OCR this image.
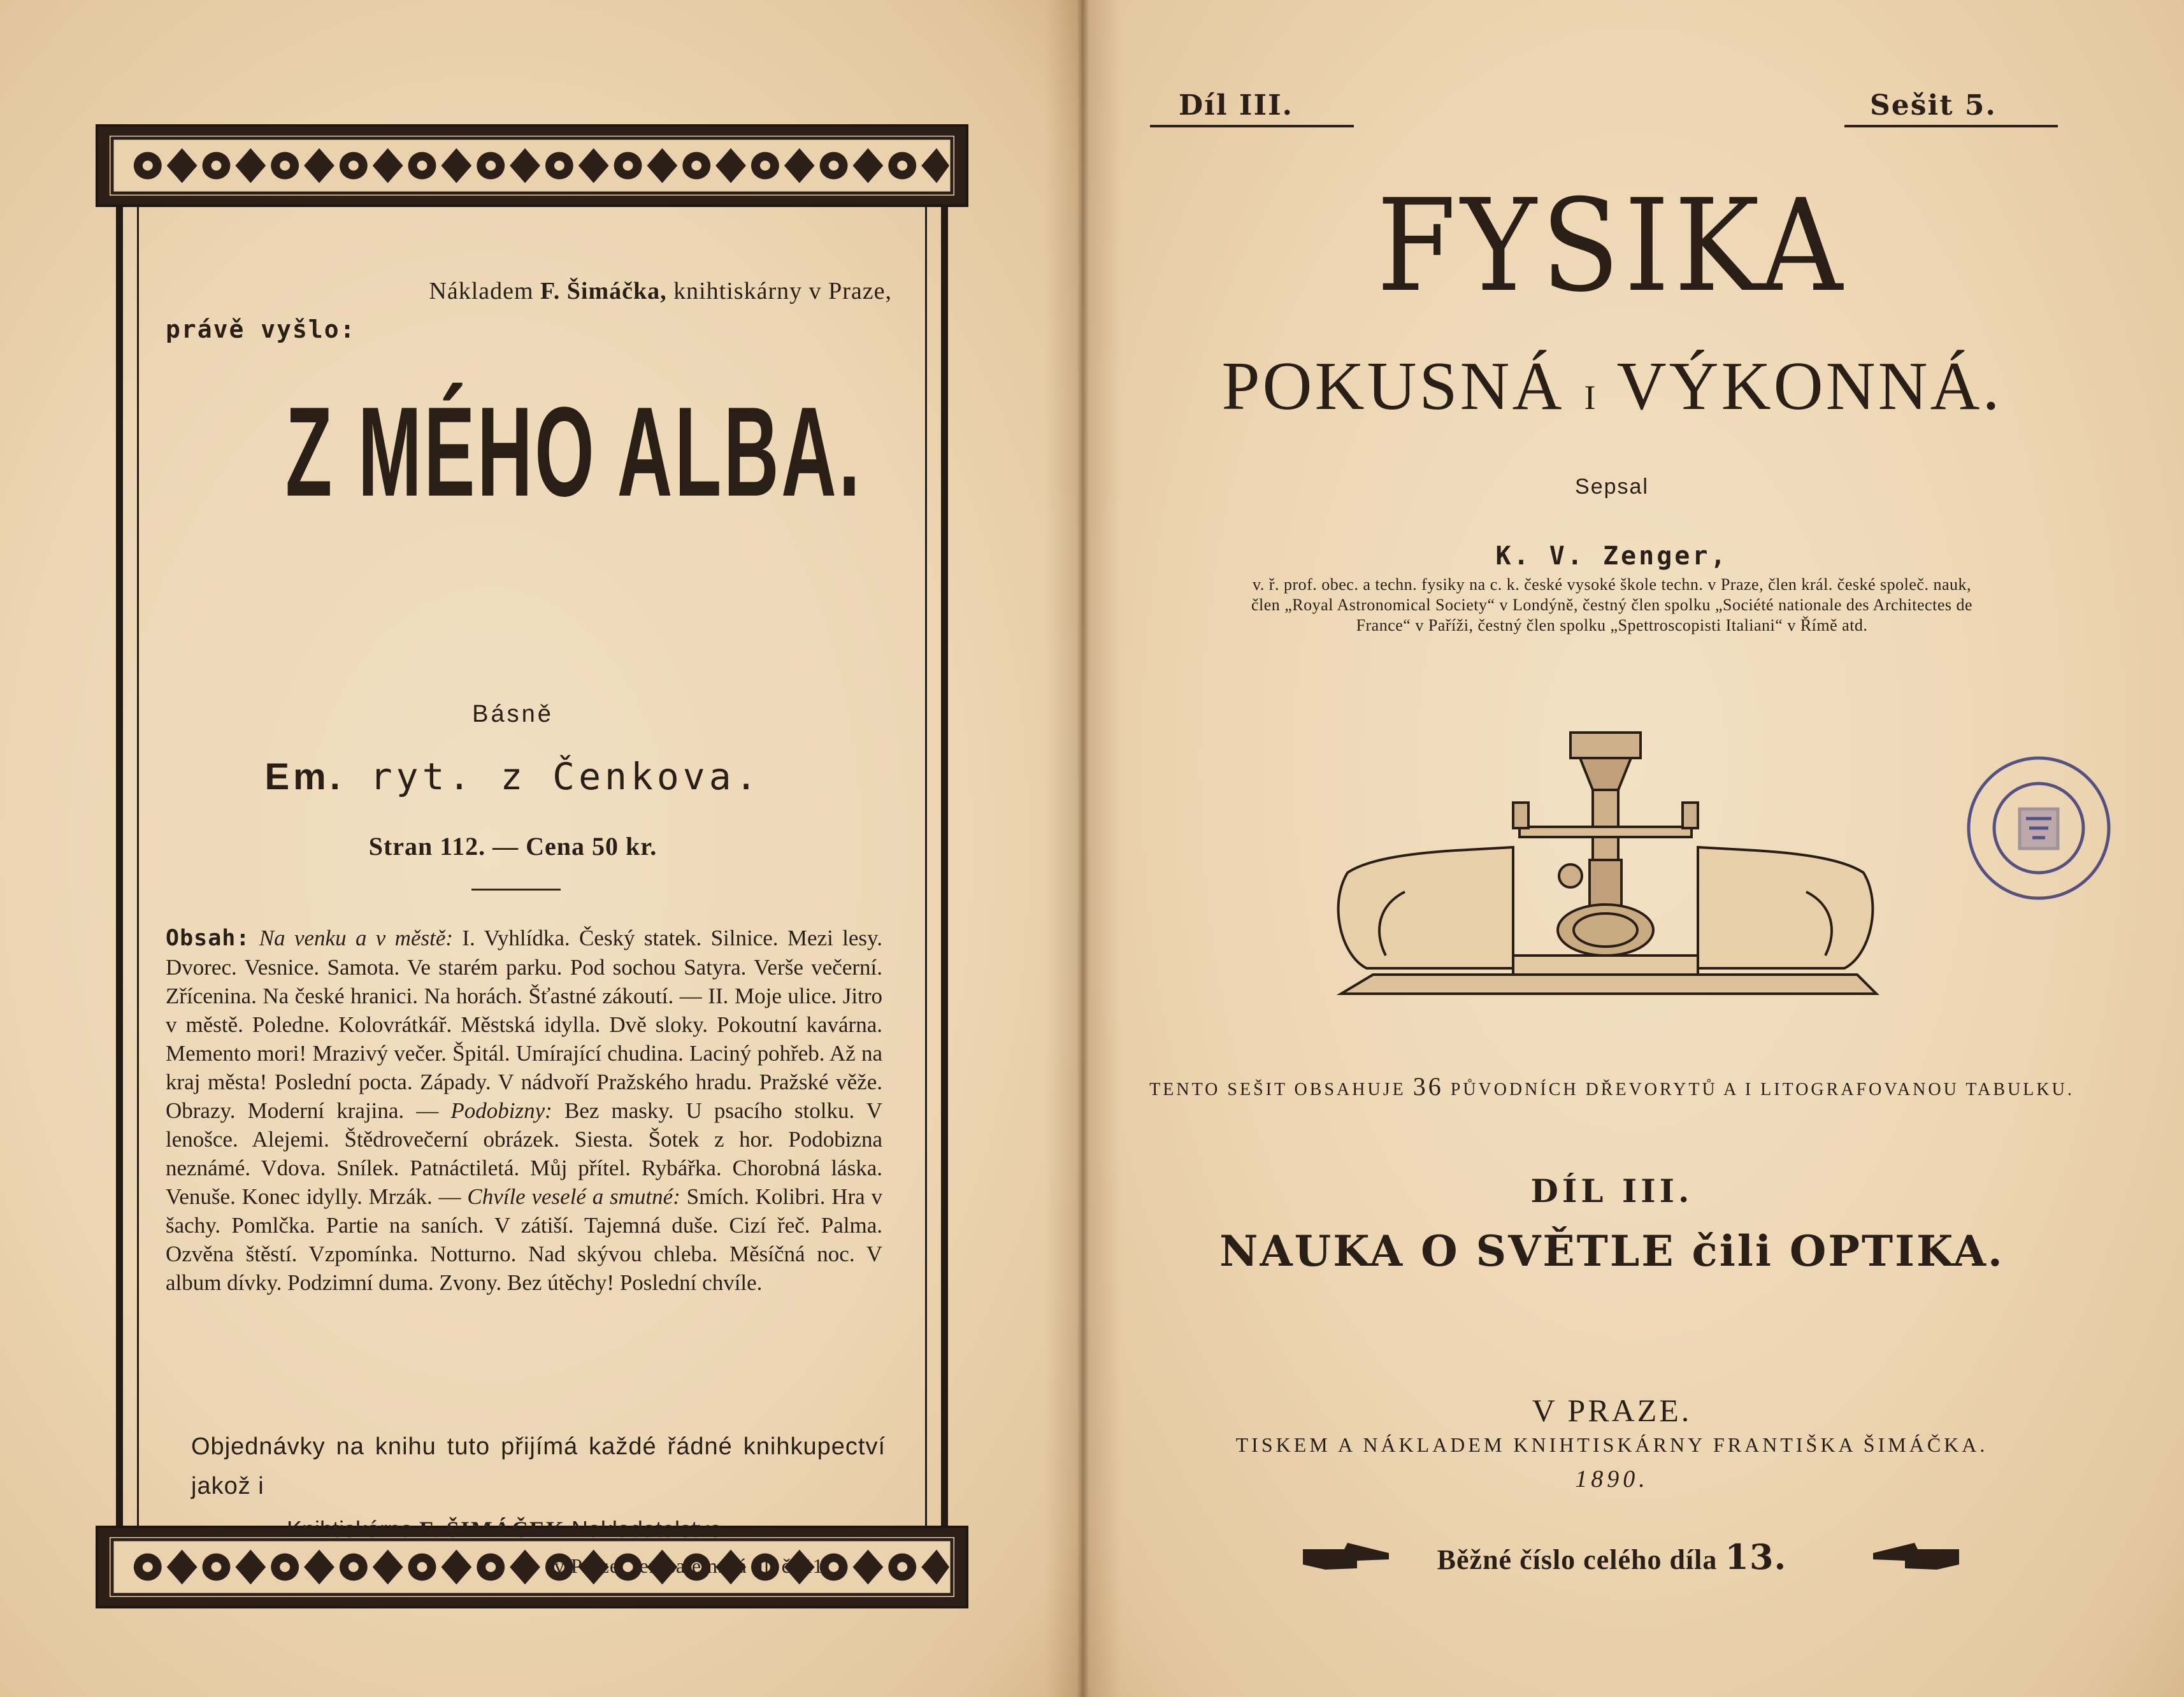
Nákladem F. Šimáčka, knihtiskárny v Praze,
právě vyšlo:
Z MÉHO ALBA.
Básně
Em. ryt. z Čenkova.
Stran 112. — Cena 50 kr.
Obsah: Na venku a v městě: I. Vyhlídka. Český statek. Silnice. Mezi lesy. Dvorec. Vesnice. Samota. Ve starém parku. Pod sochou Satyra. Verše večerní. Zřícenina. Na české hranici. Na horách. Šťastné zákoutí. — II. Moje ulice. Jitro v městě. Poledne. Kolovrátkář. Městská idylla. Dvě sloky. Pokoutní kavárna. Memento mori! Mrazivý večer. Špitál. Umírající chudina. Laciný pohřeb. Až na kraj města! Poslední pocta. Západy. V nádvoří Pražského hradu. Pražské věže. Obrazy. Moderní krajina. — Podobizny: Bez masky. U psacího stolku. V lenošce. Alejemi. Štědrovečerní obrázek. Siesta. Šotek z hor. Podobizna neznámé. Vdova. Snílek. Patnáctiletá. Můj přítel. Rybářka. Chorobná láska. Venuše. Konec idylly. Mrzák. — Chvíle veselé a smutné: Smích. Kolibri. Hra v šachy. Pomlčka. Partie na saních. V zátiší. Tajemná duše. Cizí řeč. Palma. Ozvěna štěstí. Vzpomínka. Notturno. Nad skývou chleba. Měsíčná noc. V album dívky. Podzimní duma. Zvony. Bez útěchy! Poslední chvíle.
Objednávky na knihu tuto přijímá každé řádné knihkupectví jakož i
Knihtiskárna F. ŠIMÁČEK Nakladatelstvo
v Praze, Jerusalemská ul. č. 11.
Díl III.	Sešit 5.
FYSIKA
POKUSNÁ I VÝKONNÁ.
Sepsal
K. V. Zenger,
v. ř. prof. obec. a techn. fysiky na c. k. české vysoké škole techn. v Praze, člen král. české společ. nauk,
člen „Royal Astronomical Society“ v Londýně, čestný člen spolku „Société nationale des Architectes de
France“ v Paříži, čestný člen spolku „Spettroscopisti Italiani“ v Římě atd.
TENTO SEŠIT OBSAHUJE 36 PŮVODNÍCH DŘEVORYTŮ A I LITOGRAFOVANOU TABULKU.
DÍL III.
NAUKA O SVĚTLE čili OPTIKA.
V PRAZE.
TISKEM A NÁKLADEM KNIHTISKÁRNY FRANTIŠKA ŠIMÁČKA.
1890.
Běžné číslo celého díla 13.
